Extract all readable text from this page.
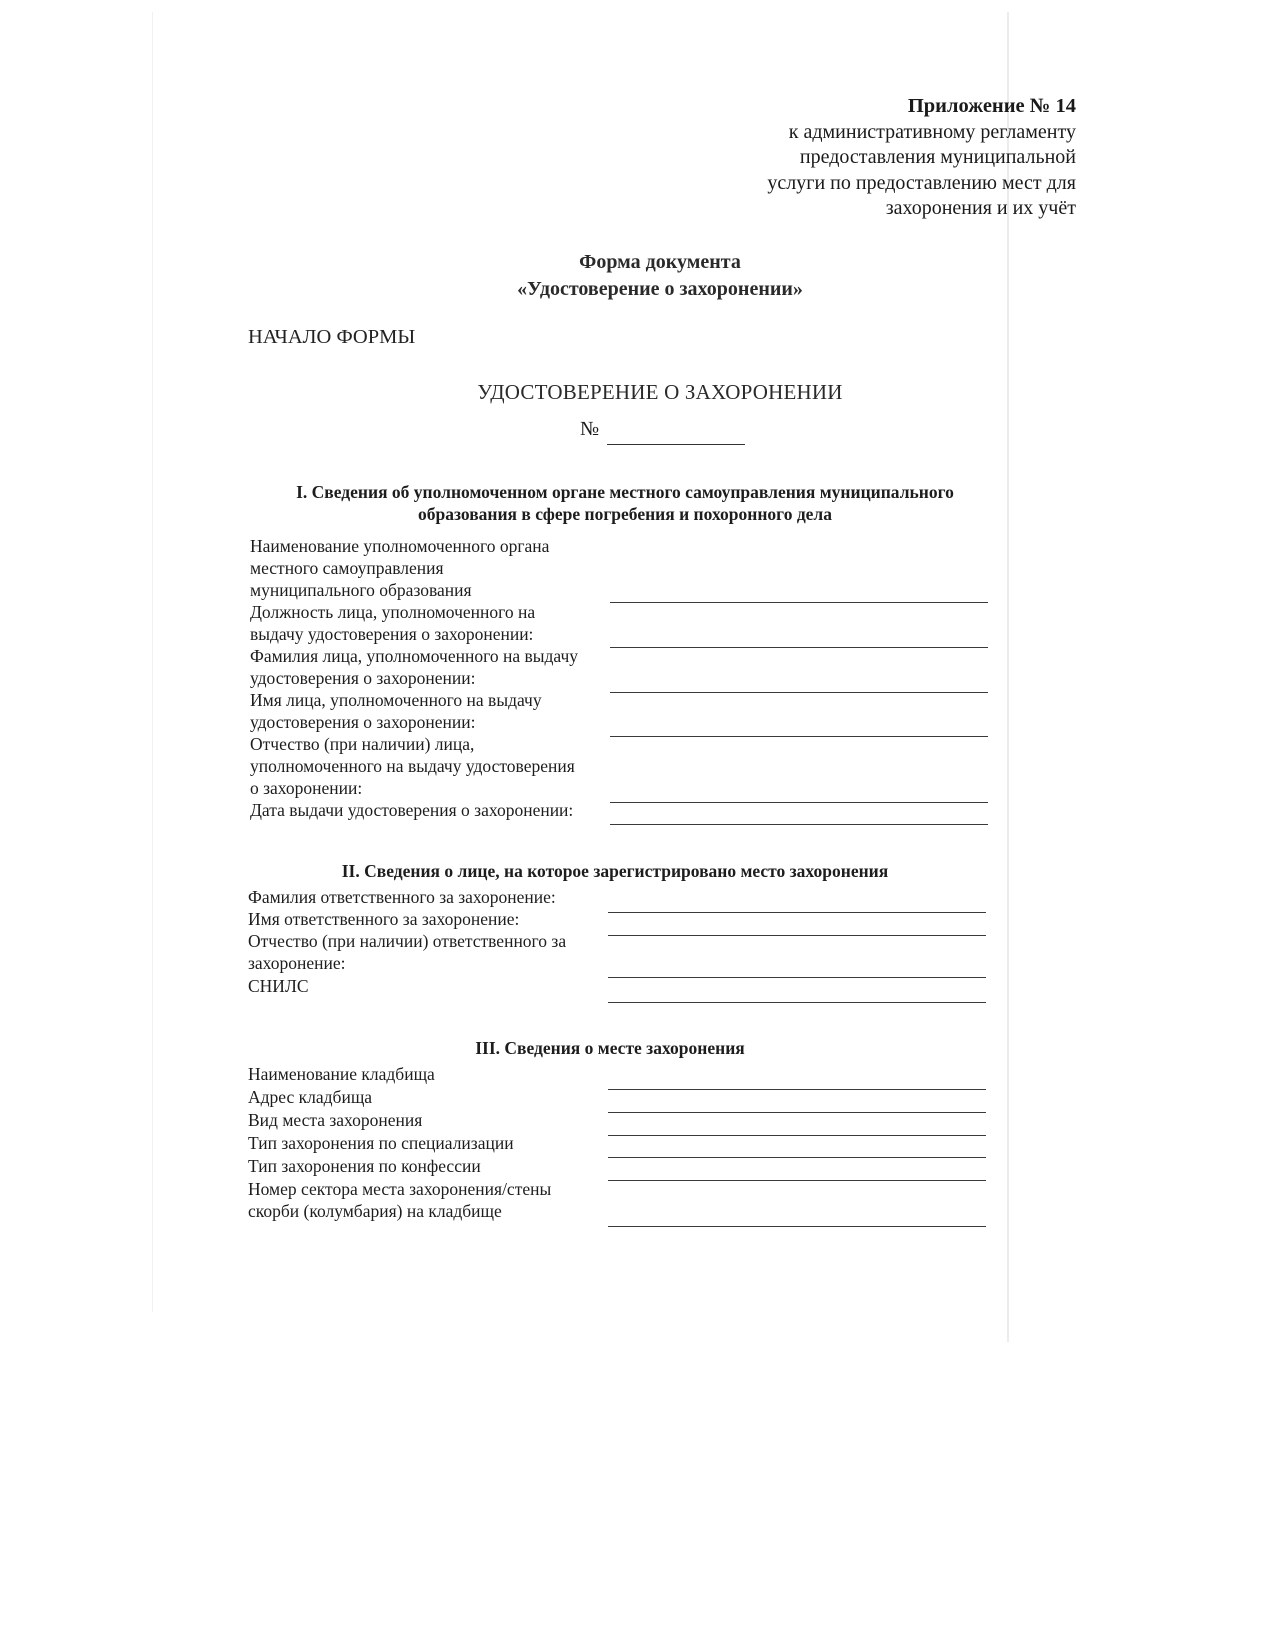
Приложение № 14
к административному регламенту
предоставления муниципальной
услуги по предоставлению мест для
захоронения и их учёт
Форма документа
«Удостоверение о захоронении»
НАЧАЛО ФОРМЫ
УДОСТОВЕРЕНИЕ О ЗАХОРОНЕНИИ
№
I. Сведения об уполномоченном органе местного самоуправления муниципального
образования в сфере погребения и похоронного дела
II. Сведения о лице, на которое зарегистрировано место захоронения
III. Сведения о месте захоронения
Наименование уполномоченного органа
местного самоуправления
муниципального образования
Должность лица, уполномоченного на
выдачу удостоверения о захоронении:
Фамилия лица, уполномоченного на выдачу
удостоверения о захоронении:
Имя лица, уполномоченного на выдачу
удостоверения о захоронении:
Отчество (при наличии) лица,
уполномоченного на выдачу удостоверения
о захоронении:
Дата выдачи удостоверения о захоронении:
Фамилия ответственного за захоронение:
Имя ответственного за захоронение:
Отчество (при наличии) ответственного за
захоронение:
СНИЛС
Наименование кладбища
Адрес кладбища
Вид места захоронения
Тип захоронения по специализации
Тип захоронения по конфессии
Номер сектора места захоронения/стены
скорби (колумбария) на кладбище
